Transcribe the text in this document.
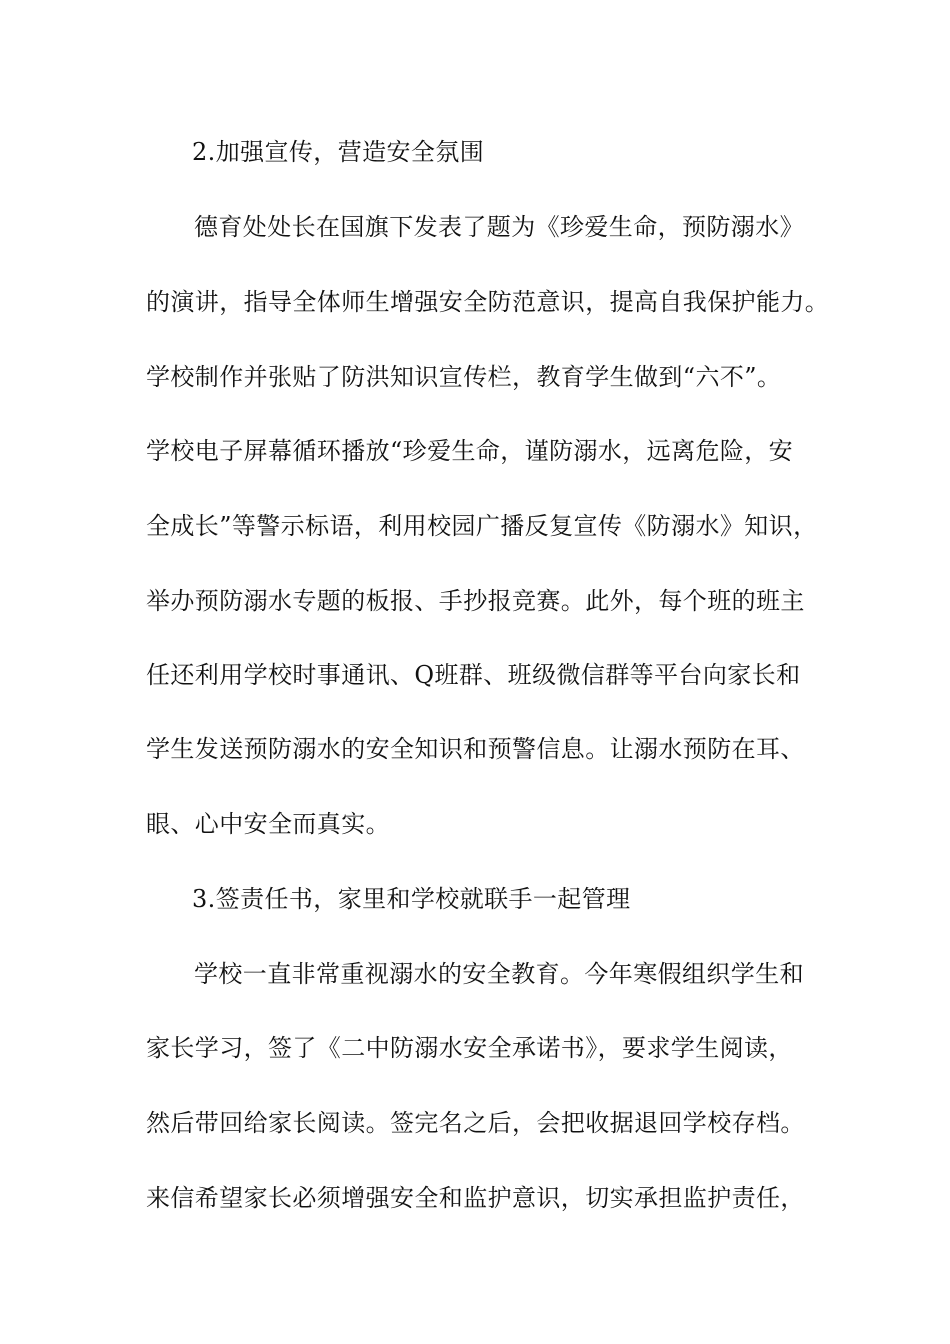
2.加强宣传，营造安全氛围
德育处处长在国旗下发表了题为《珍爱生命，预防溺水》
的演讲，指导全体师生增强安全防范意识，提高自我保护能力。
学校制作并张贴了防洪知识宣传栏，教育学生做到“六不”。
学校电子屏幕循环播放“珍爱生命，谨防溺水，远离危险，安
全成长”等警示标语，利用校园广播反复宣传《防溺水》知识，
举办预防溺水专题的板报、手抄报竞赛。此外，每个班的班主
任还利用学校时事通讯、Q班群、班级微信群等平台向家长和
学生发送预防溺水的安全知识和预警信息。让溺水预防在耳、
眼、心中安全而真实。
3.签责任书，家里和学校就联手一起管理
学校一直非常重视溺水的安全教育。今年寒假组织学生和
家长学习，签了《二中防溺水安全承诺书》，要求学生阅读，
然后带回给家长阅读。签完名之后，会把收据退回学校存档。
来信希望家长必须增强安全和监护意识，切实承担监护责任，
